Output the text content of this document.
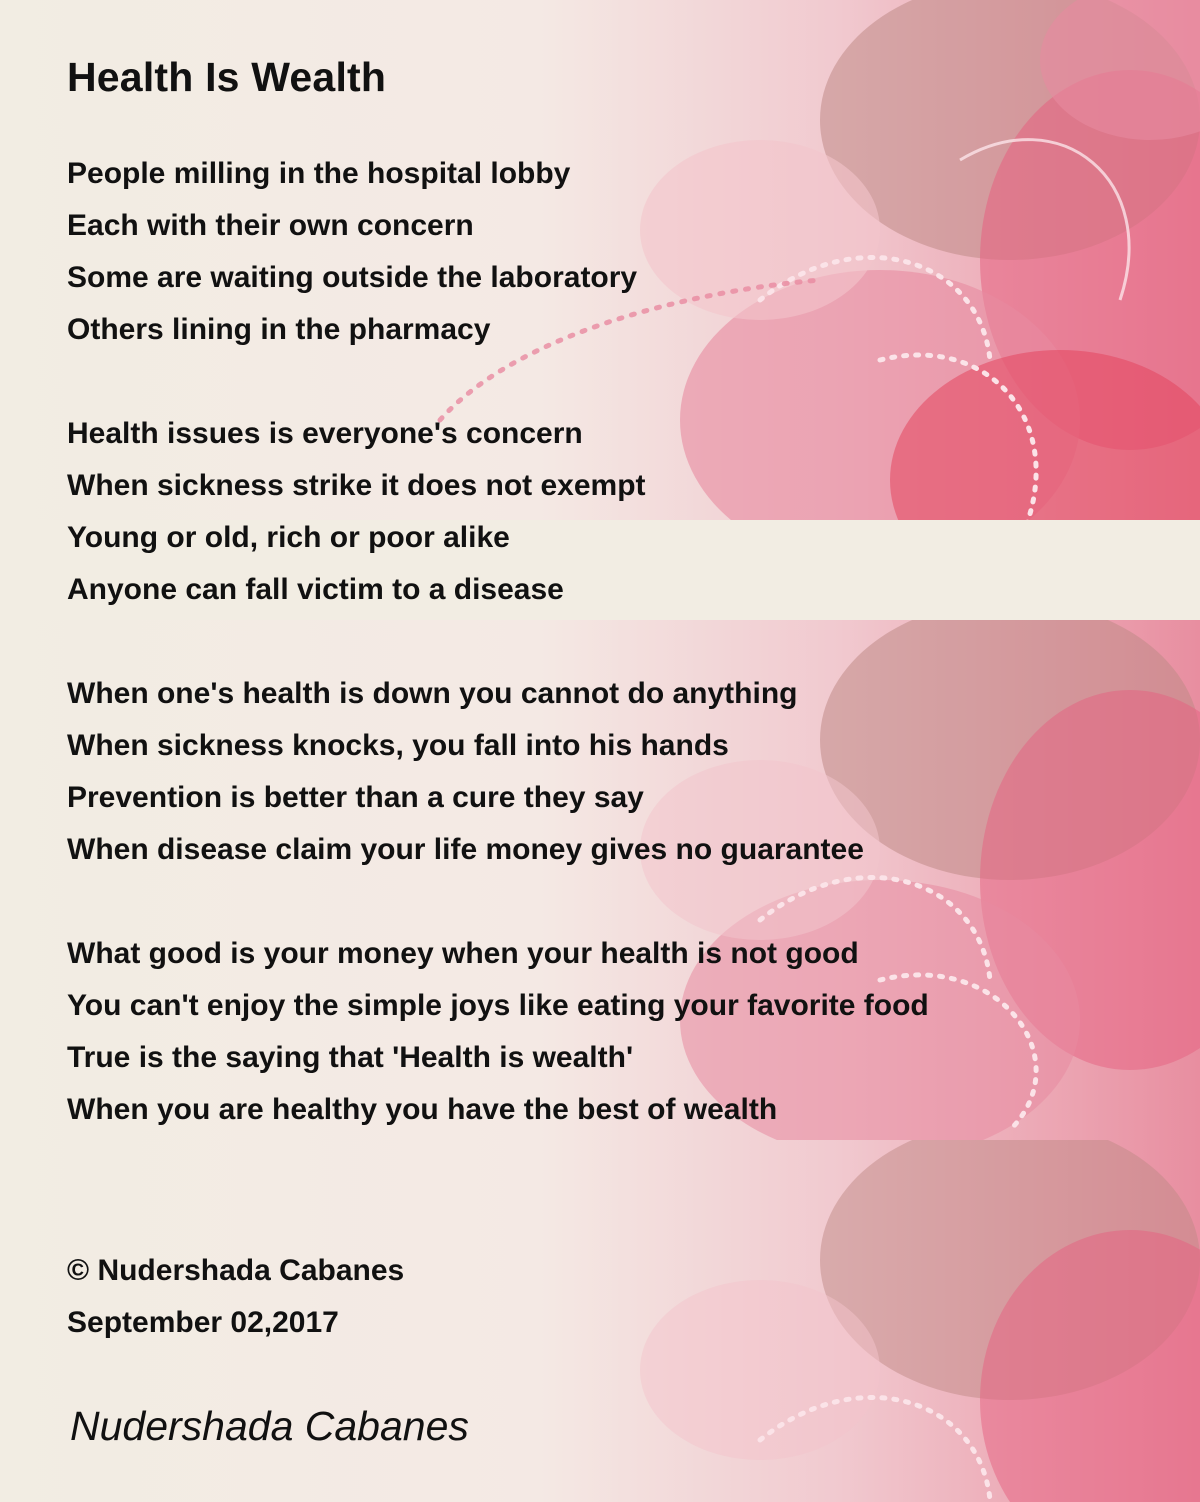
Health Is Wealth
People milling in the hospital lobby
Each with their own concern
Some are waiting outside the laboratory
Others lining in the pharmacy
Health issues is everyone's concern
When sickness strike it does not exempt
Young or old, rich or poor alike
Anyone can fall victim to a disease
When one's health is down you cannot do anything
When sickness knocks, you fall into his hands
Prevention is better than a cure they say
When disease claim your life money gives no guarantee
What good is your money when your health is not good
You can't enjoy the simple joys like eating your favorite food
True is the saying that 'Health is wealth'
When you are healthy you have the best of wealth
© Nudershada Cabanes
September 02,2017
Nudershada Cabanes
